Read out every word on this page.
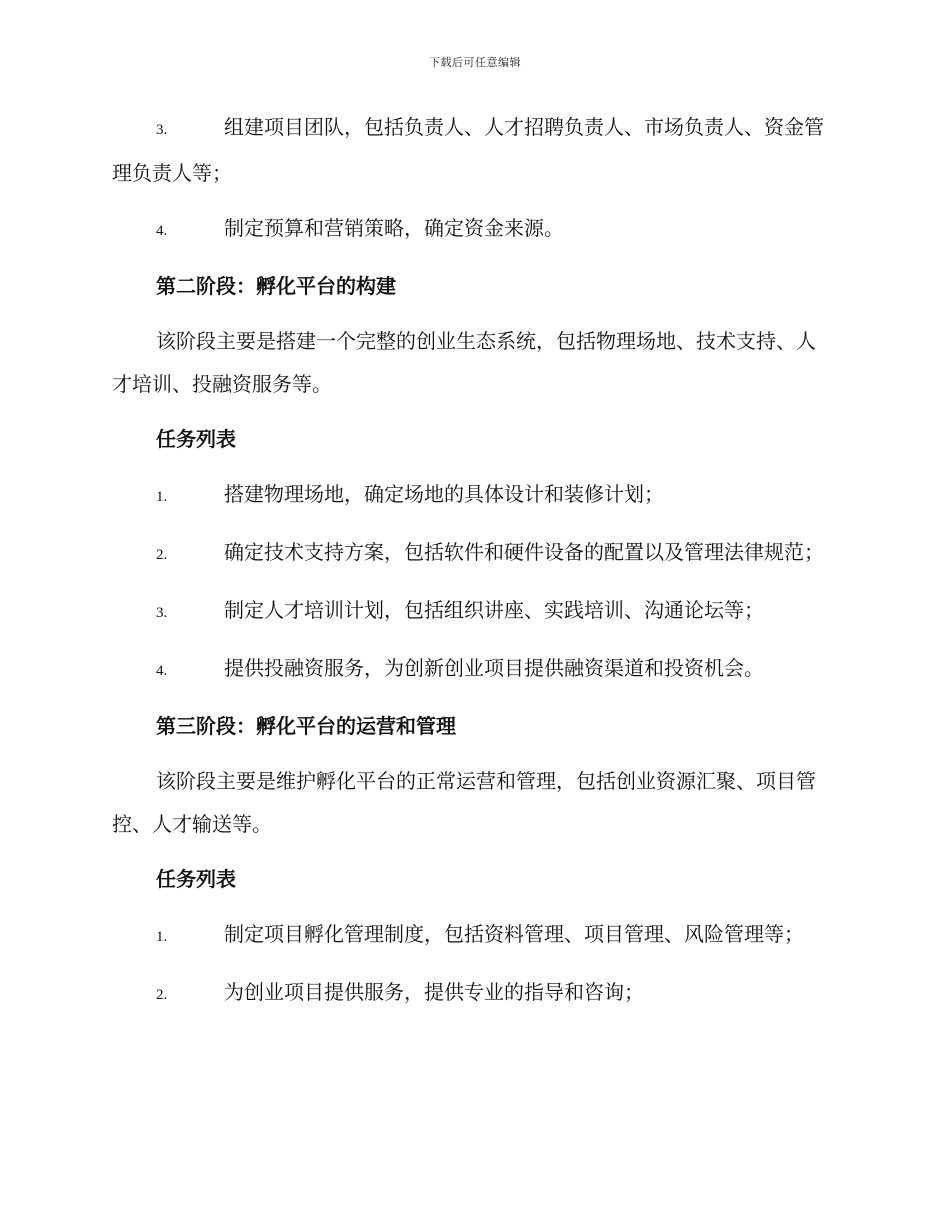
下载后可任意编辑
3.	组建项目团队，包括负责人、人才招聘负责人、市场负责人、资金管理负责人等；
4.	制定预算和营销策略，确定资金来源。
第二阶段：孵化平台的构建
该阶段主要是搭建一个完整的创业生态系统，包括物理场地、技术支持、人才培训、投融资服务等。
任务列表
1.	搭建物理场地，确定场地的具体设计和装修计划；
2.	确定技术支持方案，包括软件和硬件设备的配置以及管理法律规范；
3.	制定人才培训计划，包括组织讲座、实践培训、沟通论坛等；
4.	提供投融资服务，为创新创业项目提供融资渠道和投资机会。
第三阶段：孵化平台的运营和管理
该阶段主要是维护孵化平台的正常运营和管理，包括创业资源汇聚、项目管控、人才输送等。
任务列表
1.	制定项目孵化管理制度，包括资料管理、项目管理、风险管理等；
2.	为创业项目提供服务，提供专业的指导和咨询；
